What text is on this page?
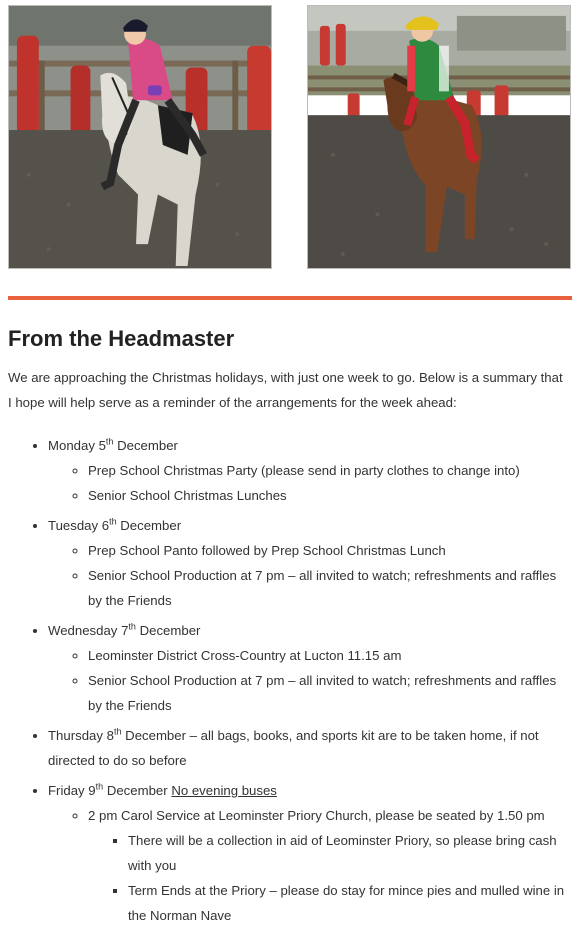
From the Headmaster

We are approaching the Christmas holidays, with just one week to go. Below is a summary that I hope will help serve as a reminder of the arrangements for the week ahead:

• Monday 5th December
◦ Prep School Christmas Party (please send in party clothes to change into)
◦ Senior School Christmas Lunches
• Tuesday 6th December
◦ Prep School Panto followed by Prep School Christmas Lunch
◦ Senior School Production at 7 pm – all invited to watch; refreshments and raffles by the Friends
• Wednesday 7th December
◦ Leominster District Cross-Country at Lucton 11.15 am
◦ Senior School Production at 7 pm – all invited to watch; refreshments and raffles by the Friends
• Thursday 8th December – all bags, books, and sports kit are to be taken home, if not directed to do so before
• Friday 9th December No evening buses
◦ 2 pm Carol Service at Leominster Priory Church, please be seated by 1.50 pm
▪ There will be a collection in aid of Leominster Priory, so please bring cash with you
▪ Term Ends at the Priory – please do stay for mince pies and mulled wine in the Norman Nave
